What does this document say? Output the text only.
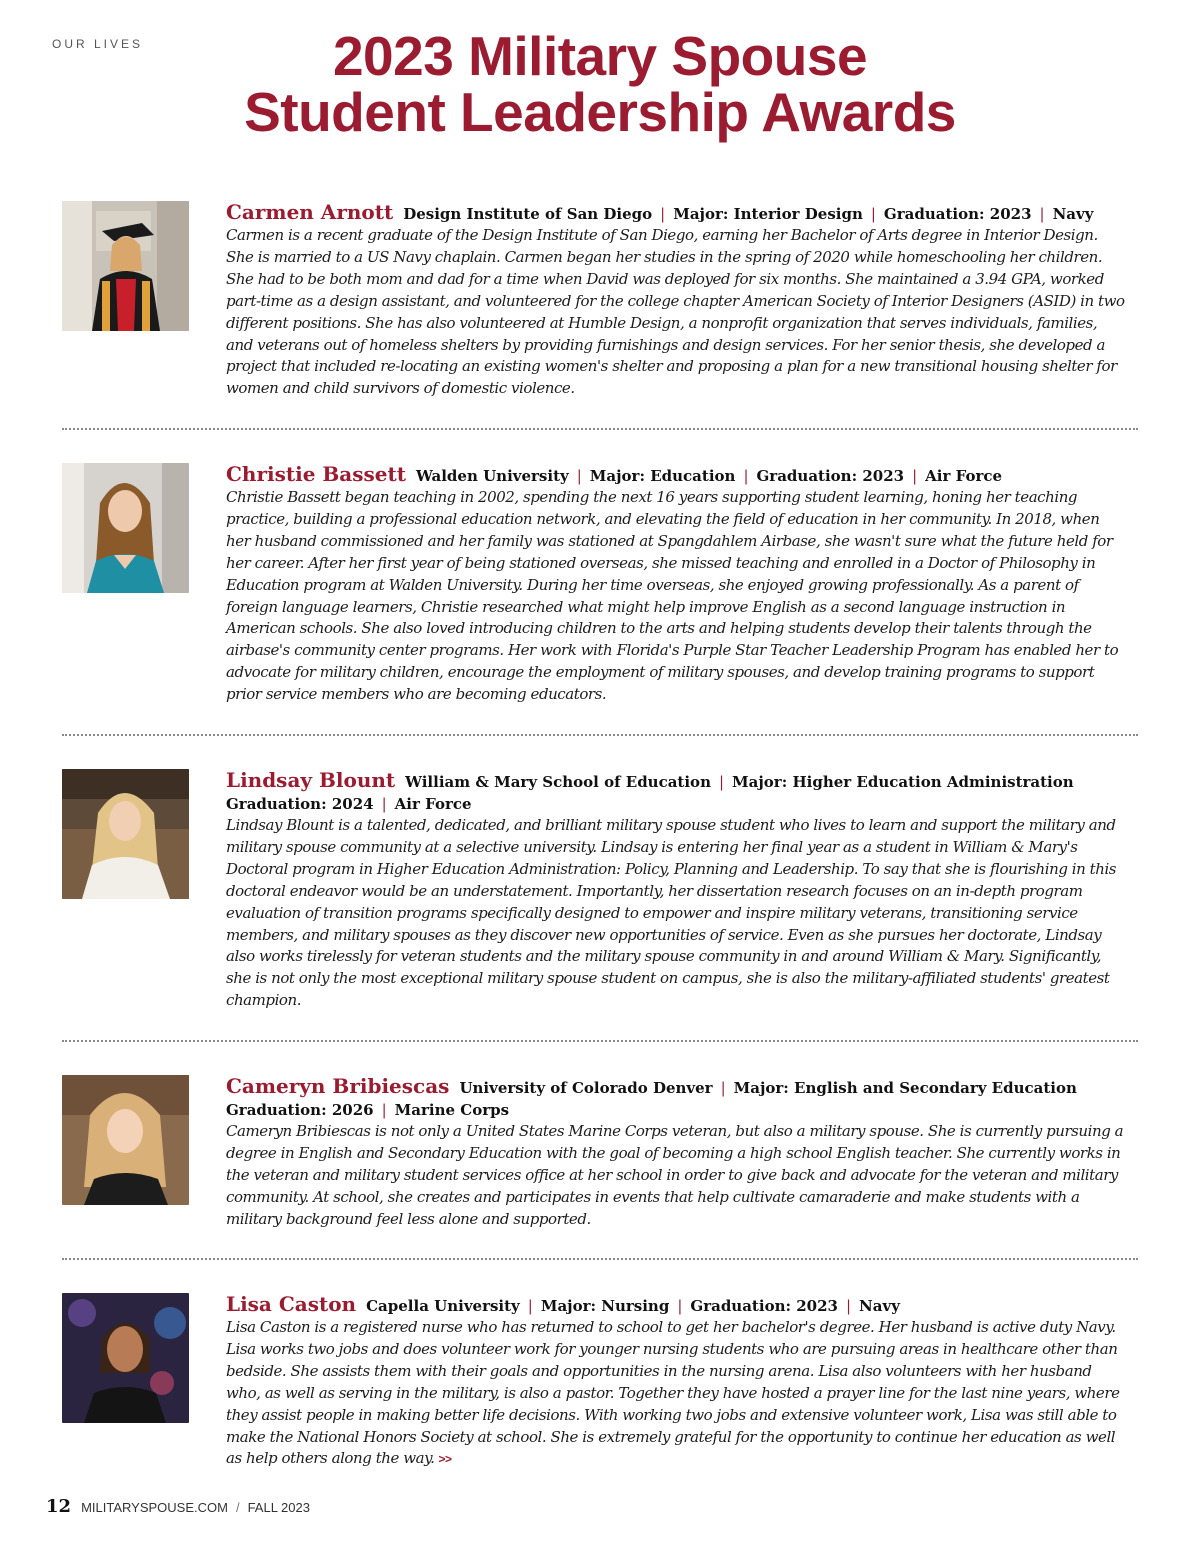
OUR LIVES	2023 Military Spouse
Student Leadership Awards
Carmen Arnott Design Institute of San Diego | Major: Interior Design | Graduation: 2023 | Navy

Carmen is a recent graduate of the Design Institute of San Diego, earning her Bachelor of Arts degree in Interior Design. She is married to a US Navy chaplain. Carmen began her studies in the spring of 2020 while homeschooling her children. She had to be both mom and dad for a time when David was deployed for six months. She maintained a 3.94 GPA, worked part-time as a design assistant, and volunteered for the college chapter American Society of Interior Designers (ASID) in two different positions. She has also volunteered at Humble Design, a nonprofit organization that serves individuals, families, and veterans out of homeless shelters by providing furnishings and design services. For her senior thesis, she developed a project that included re-locating an existing women's shelter and proposing a plan for a new transitional housing shelter for women and child survivors of domestic violence.

Christie Bassett Walden University | Major: Education | Graduation: 2023 | Air Force

Christie Bassett began teaching in 2002, spending the next 16 years supporting student learning, honing her teaching practice, building a professional education network, and elevating the field of education in her community. In 2018, when her husband commissioned and her family was stationed at Spangdahlem Airbase, she wasn't sure what the future held for her career. After her first year of being stationed overseas, she missed teaching and enrolled in a Doctor of Philosophy in Education program at Walden University. During her time overseas, she enjoyed growing professionally. As a parent of foreign language learners, Christie researched what might help improve English as a second language instruction in American schools. She also loved introducing children to the arts and helping students develop their talents through the airbase's community center programs. Her work with Florida's Purple Star Teacher Leadership Program has enabled her to advocate for military children, encourage the employment of military spouses, and develop training programs to support prior service members who are becoming educators.

Lindsay Blount William & Mary School of Education | Major: Higher Education Administration
Graduation: 2024 | Air Force

Lindsay Blount is a talented, dedicated, and brilliant military spouse student who lives to learn and support the military and military spouse community at a selective university. Lindsay is entering her final year as a student in William & Mary's Doctoral program in Higher Education Administration: Policy, Planning and Leadership. To say that she is flourishing in this doctoral endeavor would be an understatement. Importantly, her dissertation research focuses on an in-depth program evaluation of transition programs specifically designed to empower and inspire military veterans, transitioning service members, and military spouses as they discover new opportunities of service. Even as she pursues her doctorate, Lindsay also works tirelessly for veteran students and the military spouse community in and around William & Mary. Significantly, she is not only the most exceptional military spouse student on campus, she is also the military-affiliated students' greatest champion.

Cameryn Bribiescas University of Colorado Denver | Major: English and Secondary Education
Graduation: 2026 | Marine Corps

Cameryn Bribiescas is not only a United States Marine Corps veteran, but also a military spouse. She is currently pursuing a degree in English and Secondary Education with the goal of becoming a high school English teacher. She currently works in the veteran and military student services office at her school in order to give back and advocate for the veteran and military community. At school, she creates and participates in events that help cultivate camaraderie and make students with a military background feel less alone and supported.

Lisa Caston Capella University | Major: Nursing | Graduation: 2023 | Navy

Lisa Caston is a registered nurse who has returned to school to get her bachelor's degree. Her husband is active duty Navy. Lisa works two jobs and does volunteer work for younger nursing students who are pursuing areas in healthcare other than bedside. She assists them with their goals and opportunities in the nursing arena. Lisa also volunteers with her husband who, as well as serving in the military, is also a pastor. Together they have hosted a prayer line for the last nine years, where they assist people in making better life decisions. With working two jobs and extensive volunteer work, Lisa was still able to make the National Honors Society at school. She is extremely grateful for the opportunity to continue her education as well as help others along the way. >>

12 MILITARYSPOUSE.COM / FALL 2023
